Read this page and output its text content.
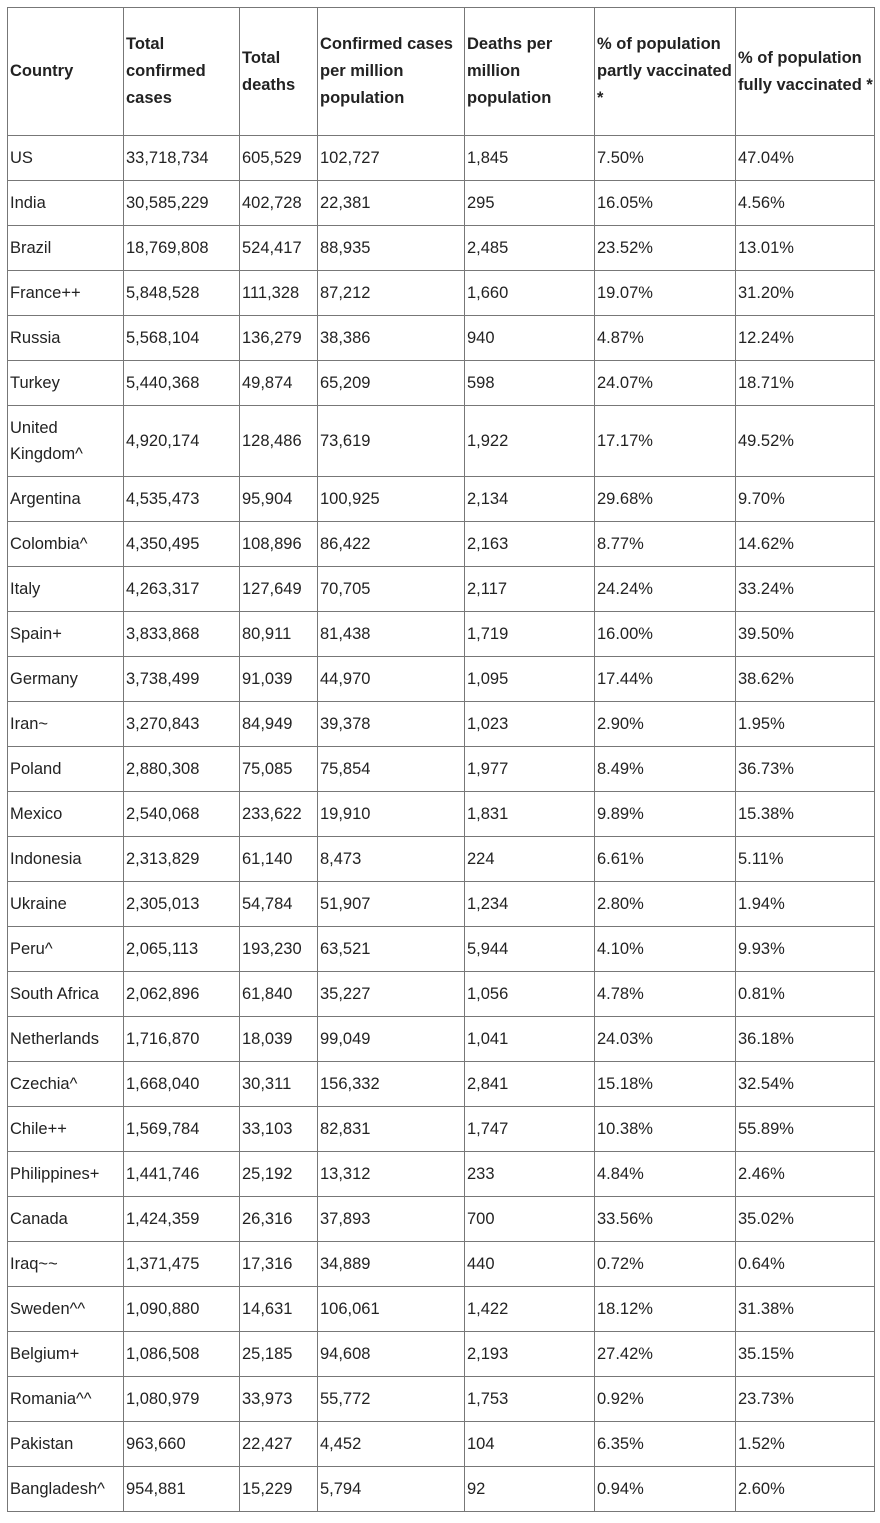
Country	Total confirmed cases	Total deaths	Confirmed cases per million population	Deaths per million population	% of population partly vaccinated *	% of population fully vaccinated *
US	33,718,734	605,529	102,727	1,845	7.50%	47.04%
India	30,585,229	402,728	22,381	295	16.05%	4.56%
Brazil	18,769,808	524,417	88,935	2,485	23.52%	13.01%
France++	5,848,528	111,328	87,212	1,660	19.07%	31.20%
Russia	5,568,104	136,279	38,386	940	4.87%	12.24%
Turkey	5,440,368	49,874	65,209	598	24.07%	18.71%
United Kingdom^	4,920,174	128,486	73,619	1,922	17.17%	49.52%
Argentina	4,535,473	95,904	100,925	2,134	29.68%	9.70%
Colombia^	4,350,495	108,896	86,422	2,163	8.77%	14.62%
Italy	4,263,317	127,649	70,705	2,117	24.24%	33.24%
Spain+	3,833,868	80,911	81,438	1,719	16.00%	39.50%
Germany	3,738,499	91,039	44,970	1,095	17.44%	38.62%
Iran~	3,270,843	84,949	39,378	1,023	2.90%	1.95%
Poland	2,880,308	75,085	75,854	1,977	8.49%	36.73%
Mexico	2,540,068	233,622	19,910	1,831	9.89%	15.38%
Indonesia	2,313,829	61,140	8,473	224	6.61%	5.11%
Ukraine	2,305,013	54,784	51,907	1,234	2.80%	1.94%
Peru^	2,065,113	193,230	63,521	5,944	4.10%	9.93%
South Africa	2,062,896	61,840	35,227	1,056	4.78%	0.81%
Netherlands	1,716,870	18,039	99,049	1,041	24.03%	36.18%
Czechia^	1,668,040	30,311	156,332	2,841	15.18%	32.54%
Chile++	1,569,784	33,103	82,831	1,747	10.38%	55.89%
Philippines+	1,441,746	25,192	13,312	233	4.84%	2.46%
Canada	1,424,359	26,316	37,893	700	33.56%	35.02%
Iraq~~	1,371,475	17,316	34,889	440	0.72%	0.64%
Sweden^^	1,090,880	14,631	106,061	1,422	18.12%	31.38%
Belgium+	1,086,508	25,185	94,608	2,193	27.42%	35.15%
Romania^^	1,080,979	33,973	55,772	1,753	0.92%	23.73%
Pakistan	963,660	22,427	4,452	104	6.35%	1.52%
Bangladesh^	954,881	15,229	5,794	92	0.94%	2.60%
